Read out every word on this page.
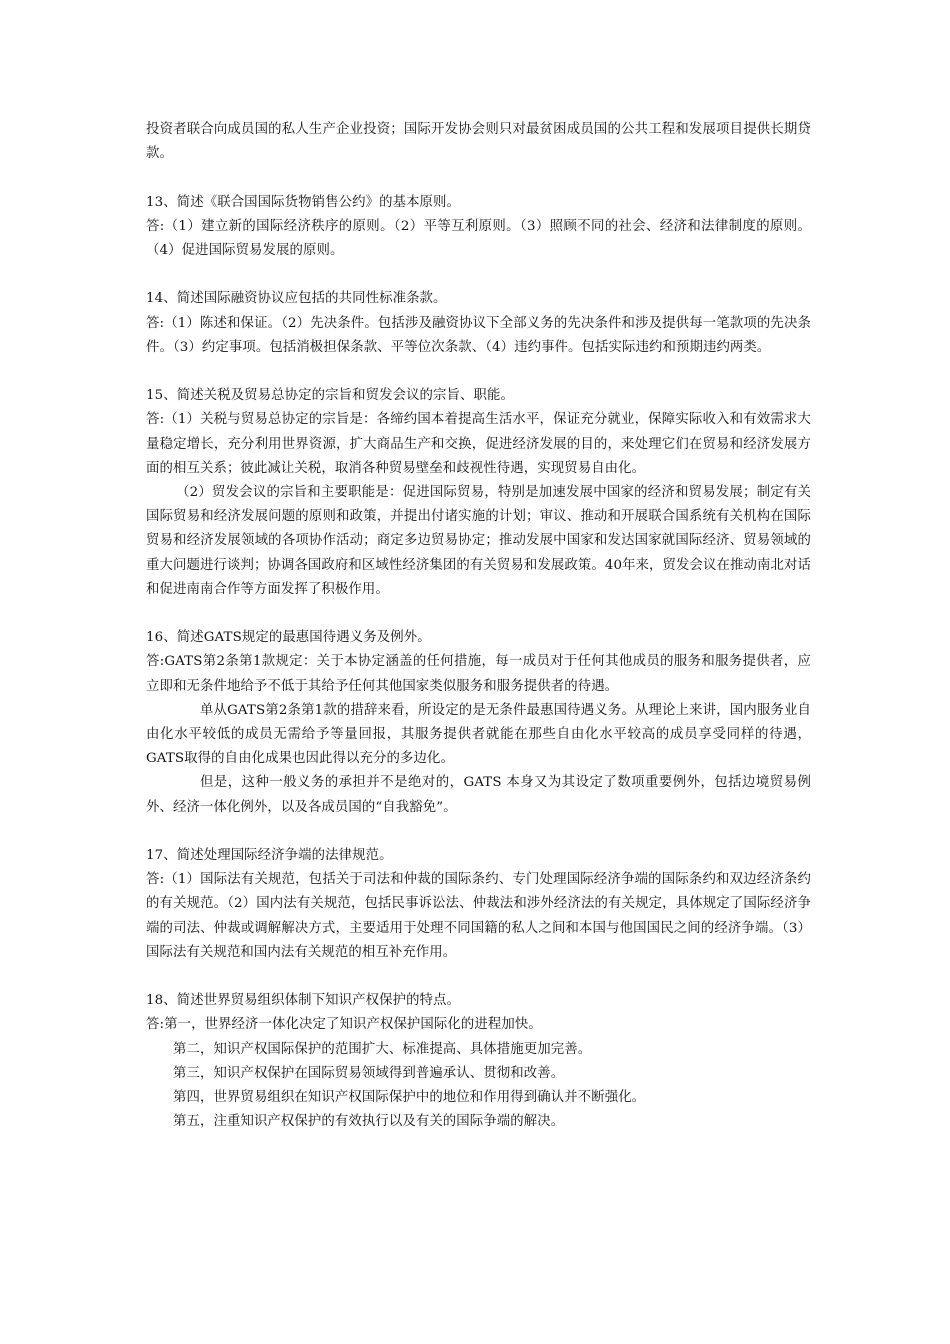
投资者联合向成员国的私人生产企业投资；国际开发协会则只对最贫困成员国的公共工程和发展项目提供长期贷款。

13、简述《联合国国际货物销售公约》的基本原则。

答:（1）建立新的国际经济秩序的原则。（2）平等互利原则。（3）照顾不同的社会、经济和法律制度的原则。（4）促进国际贸易发展的原则。

14、简述国际融资协议应包括的共同性标准条款。

答:（1）陈述和保证。（2）先决条件。包括涉及融资协议下全部义务的先决条件和涉及提供每一笔款项的先决条件。（3）约定事项。包括消极担保条款、平等位次条款、（4）违约事件。包括实际违约和预期违约两类。

15、简述关税及贸易总协定的宗旨和贸发会议的宗旨、职能。

答:（1）关税与贸易总协定的宗旨是：各缔约国本着提高生活水平，保证充分就业，保障实际收入和有效需求大量稳定增长，充分利用世界资源，扩大商品生产和交换，促进经济发展的目的，来处理它们在贸易和经济发展方面的相互关系；彼此减让关税，取消各种贸易壁垒和歧视性待遇，实现贸易自由化。

（2）贸发会议的宗旨和主要职能是：促进国际贸易，特别是加速发展中国家的经济和贸易发展；制定有关国际贸易和经济发展问题的原则和政策，并提出付诸实施的计划；审议、推动和开展联合国系统有关机构在国际贸易和经济发展领域的各项协作活动；商定多边贸易协定；推动发展中国家和发达国家就国际经济、贸易领域的重大问题进行谈判；协调各国政府和区域性经济集团的有关贸易和发展政策。40年来，贸发会议在推动南北对话和促进南南合作等方面发挥了积极作用。

16、简述GATS规定的最惠国待遇义务及例外。

答:GATS第2条第1款规定：关于本协定涵盖的任何措施，每一成员对于任何其他成员的服务和服务提供者，应立即和无条件地给予不低于其给予任何其他国家类似服务和服务提供者的待遇。

单从GATS第2条第1款的措辞来看，所设定的是无条件最惠国待遇义务。从理论上来讲，国内服务业自由化水平较低的成员无需给予等量回报，其服务提供者就能在那些自由化水平较高的成员享受同样的待遇，GATS取得的自由化成果也因此得以充分的多边化。

但是，这种一般义务的承担并不是绝对的，GATS 本身又为其设定了数项重要例外，包括边境贸易例外、经济一体化例外，以及各成员国的“自我豁免”。

17、简述处理国际经济争端的法律规范。

答:（1）国际法有关规范，包括关于司法和仲裁的国际条约、专门处理国际经济争端的国际条约和双边经济条约的有关规范。（2）国内法有关规范，包括民事诉讼法、仲裁法和涉外经济法的有关规定，具体规定了国际经济争端的司法、仲裁或调解解决方式，主要适用于处理不同国籍的私人之间和本国与他国国民之间的经济争端。（3）国际法有关规范和国内法有关规范的相互补充作用。

18、简述世界贸易组织体制下知识产权保护的特点。

答:第一，世界经济一体化决定了知识产权保护国际化的进程加快。

第二，知识产权国际保护的范围扩大、标准提高、具体措施更加完善。

第三，知识产权保护在国际贸易领域得到普遍承认、贯彻和改善。

第四，世界贸易组织在知识产权国际保护中的地位和作用得到确认并不断强化。

第五，注重知识产权保护的有效执行以及有关的国际争端的解决。
